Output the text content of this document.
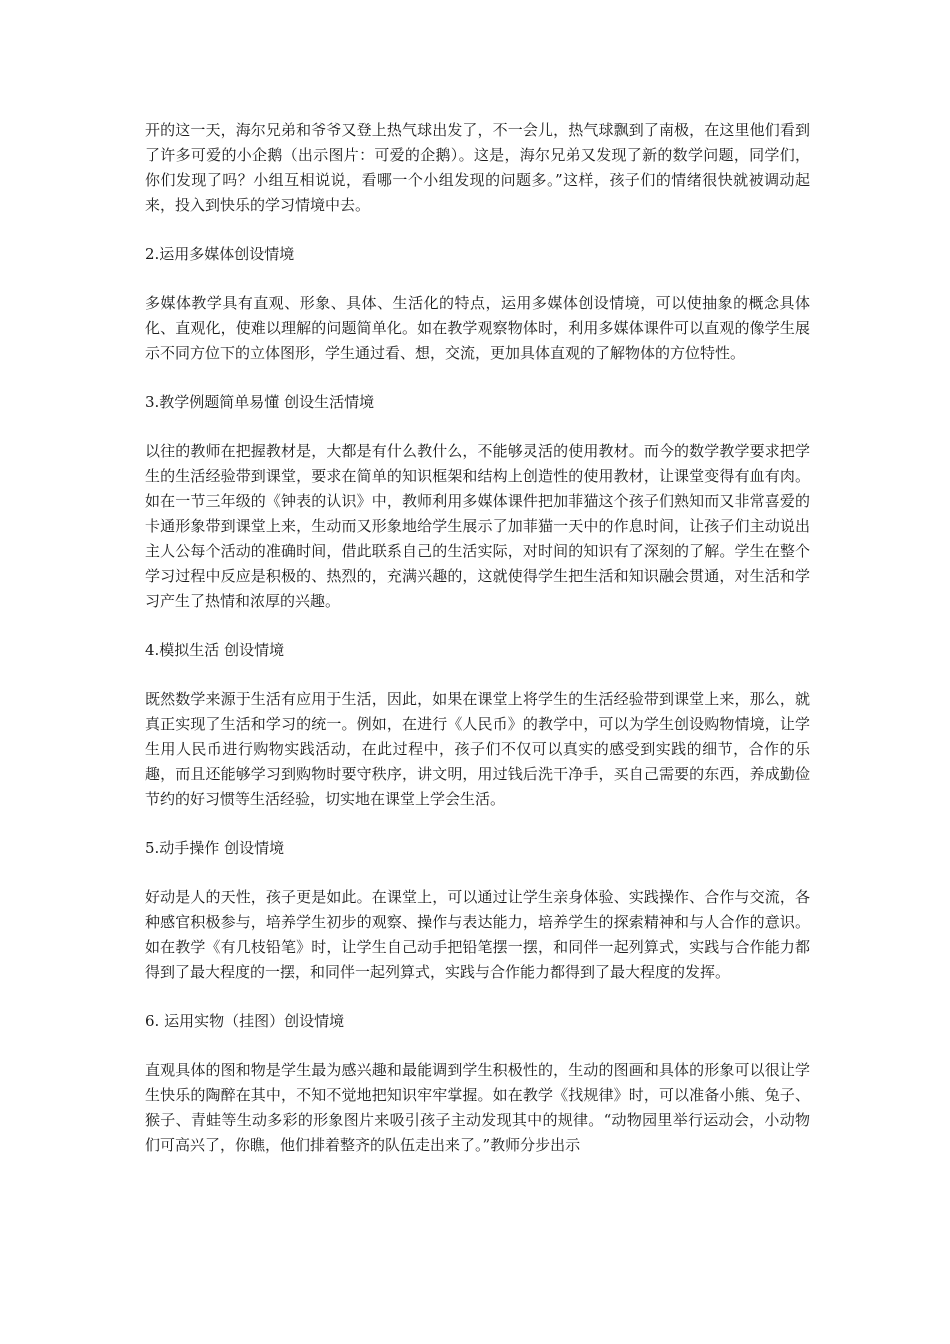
开的这一天，海尔兄弟和爷爷又登上热气球出发了，不一会儿，热气球飘到了南极，在这里他们看到了许多可爱的小企鹅（出示图片：可爱的企鹅）。这是，海尔兄弟又发现了新的数学问题，同学们，你们发现了吗？小组互相说说，看哪一个小组发现的问题多。”这样，孩子们的情绪很快就被调动起来，投入到快乐的学习情境中去。

2.运用多媒体创设情境

多媒体教学具有直观、形象、具体、生活化的特点，运用多媒体创设情境，可以使抽象的概念具体化、直观化，使难以理解的问题简单化。如在教学观察物体时，利用多媒体课件可以直观的像学生展示不同方位下的立体图形，学生通过看、想，交流，更加具体直观的了解物体的方位特性。

3.教学例题简单易懂 创设生活情境

以往的教师在把握教材是，大都是有什么教什么，不能够灵活的使用教材。而今的数学教学要求把学生的生活经验带到课堂，要求在简单的知识框架和结构上创造性的使用教材，让课堂变得有血有肉。如在一节三年级的《钟表的认识》中，教师利用多媒体课件把加菲猫这个孩子们熟知而又非常喜爱的卡通形象带到课堂上来，生动而又形象地给学生展示了加菲猫一天中的作息时间，让孩子们主动说出主人公每个活动的准确时间，借此联系自己的生活实际，对时间的知识有了深刻的了解。学生在整个学习过程中反应是积极的、热烈的，充满兴趣的，这就使得学生把生活和知识融会贯通，对生活和学习产生了热情和浓厚的兴趣。

4.模拟生活 创设情境

既然数学来源于生活有应用于生活，因此，如果在课堂上将学生的生活经验带到课堂上来，那么，就真正实现了生活和学习的统一。例如，在进行《人民币》的教学中，可以为学生创设购物情境，让学生用人民币进行购物实践活动，在此过程中，孩子们不仅可以真实的感受到实践的细节，合作的乐趣，而且还能够学习到购物时要守秩序，讲文明，用过钱后洗干净手，买自己需要的东西，养成勤俭节约的好习惯等生活经验，切实地在课堂上学会生活。

5.动手操作 创设情境

好动是人的天性，孩子更是如此。在课堂上，可以通过让学生亲身体验、实践操作、合作与交流，各种感官积极参与，培养学生初步的观察、操作与表达能力，培养学生的探索精神和与人合作的意识。如在教学《有几枝铅笔》时，让学生自己动手把铅笔摆一摆，和同伴一起列算式，实践与合作能力都得到了最大程度的一摆，和同伴一起列算式，实践与合作能力都得到了最大程度的发挥。

6. 运用实物（挂图）创设情境

直观具体的图和物是学生最为感兴趣和最能调到学生积极性的，生动的图画和具体的形象可以很让学生快乐的陶醉在其中，不知不觉地把知识牢牢掌握。如在教学《找规律》时，可以准备小熊、兔子、猴子、青蛙等生动多彩的形象图片来吸引孩子主动发现其中的规律。“动物园里举行运动会，小动物们可高兴了，你瞧，他们排着整齐的队伍走出来了。”教师分步出示
